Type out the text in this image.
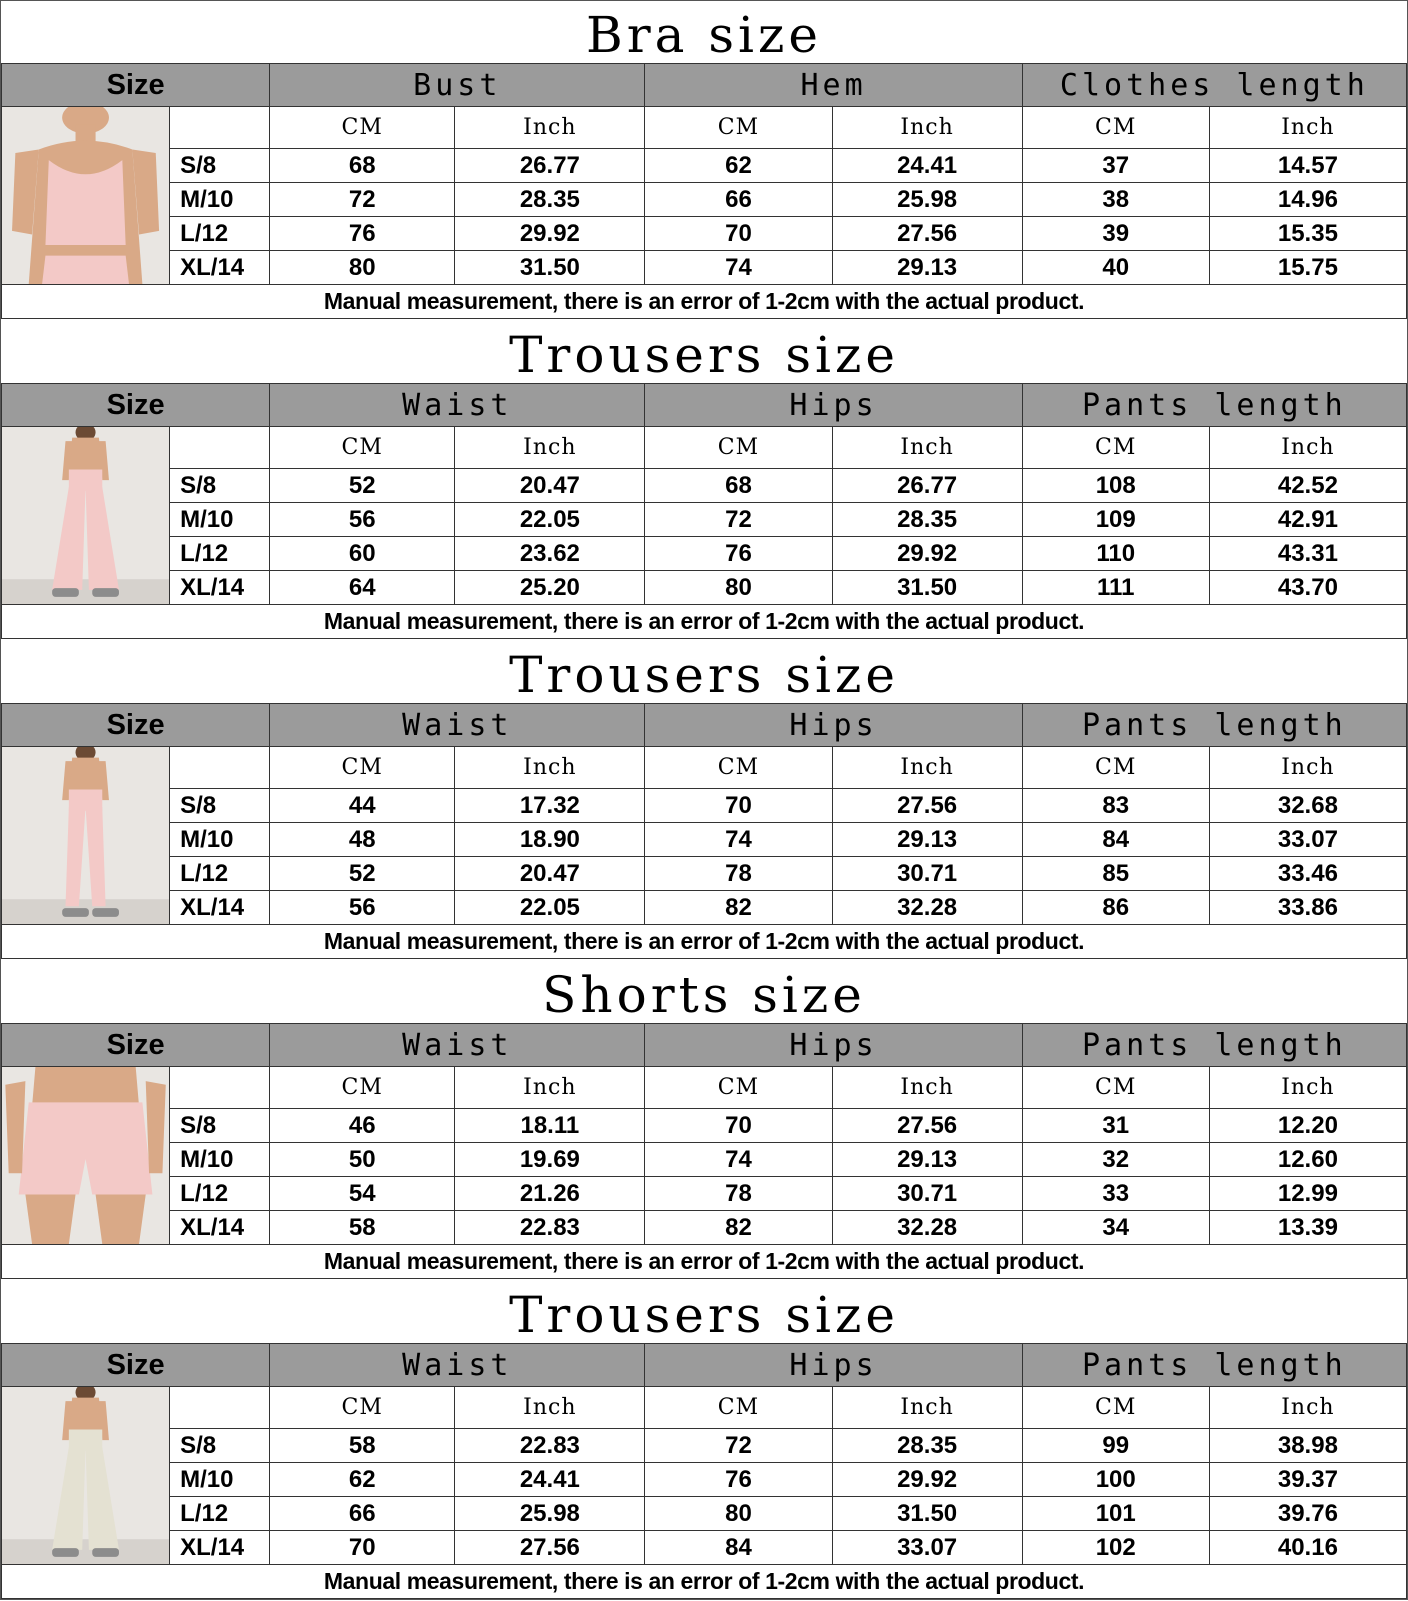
Bra size
Size		Bust		Hem		Clothes length	

		CM	Inch	CM	Inch	CM	Inch
	S/8	68	26.77	62	24.41	37	14.57
	M/10	72	28.35	66	25.98	38	14.96
	L/12	76	29.92	70	27.56	39	15.35
	XL/14	80	31.50	74	29.13	40	15.75
Manual measurement, there is an error of 1-2cm with the actual product.							
Trousers size
Size		Waist		Hips		Pants length	

		CM	Inch	CM	Inch	CM	Inch
	S/8	52	20.47	68	26.77	108	42.52
	M/10	56	22.05	72	28.35	109	42.91
	L/12	60	23.62	76	29.92	110	43.31
	XL/14	64	25.20	80	31.50	111	43.70
Manual measurement, there is an error of 1-2cm with the actual product.							
Trousers size
Size		Waist		Hips		Pants length	

		CM	Inch	CM	Inch	CM	Inch
	S/8	44	17.32	70	27.56	83	32.68
	M/10	48	18.90	74	29.13	84	33.07
	L/12	52	20.47	78	30.71	85	33.46
	XL/14	56	22.05	82	32.28	86	33.86
Manual measurement, there is an error of 1-2cm with the actual product.							
Shorts size
Size		Waist		Hips		Pants length	

		CM	Inch	CM	Inch	CM	Inch
	S/8	46	18.11	70	27.56	31	12.20
	M/10	50	19.69	74	29.13	32	12.60
	L/12	54	21.26	78	30.71	33	12.99
	XL/14	58	22.83	82	32.28	34	13.39
Manual measurement, there is an error of 1-2cm with the actual product.							
Trousers size
Size		Waist		Hips		Pants length	

		CM	Inch	CM	Inch	CM	Inch
	S/8	58	22.83	72	28.35	99	38.98
	M/10	62	24.41	76	29.92	100	39.37
	L/12	66	25.98	80	31.50	101	39.76
	XL/14	70	27.56	84	33.07	102	40.16
Manual measurement, there is an error of 1-2cm with the actual product.							
